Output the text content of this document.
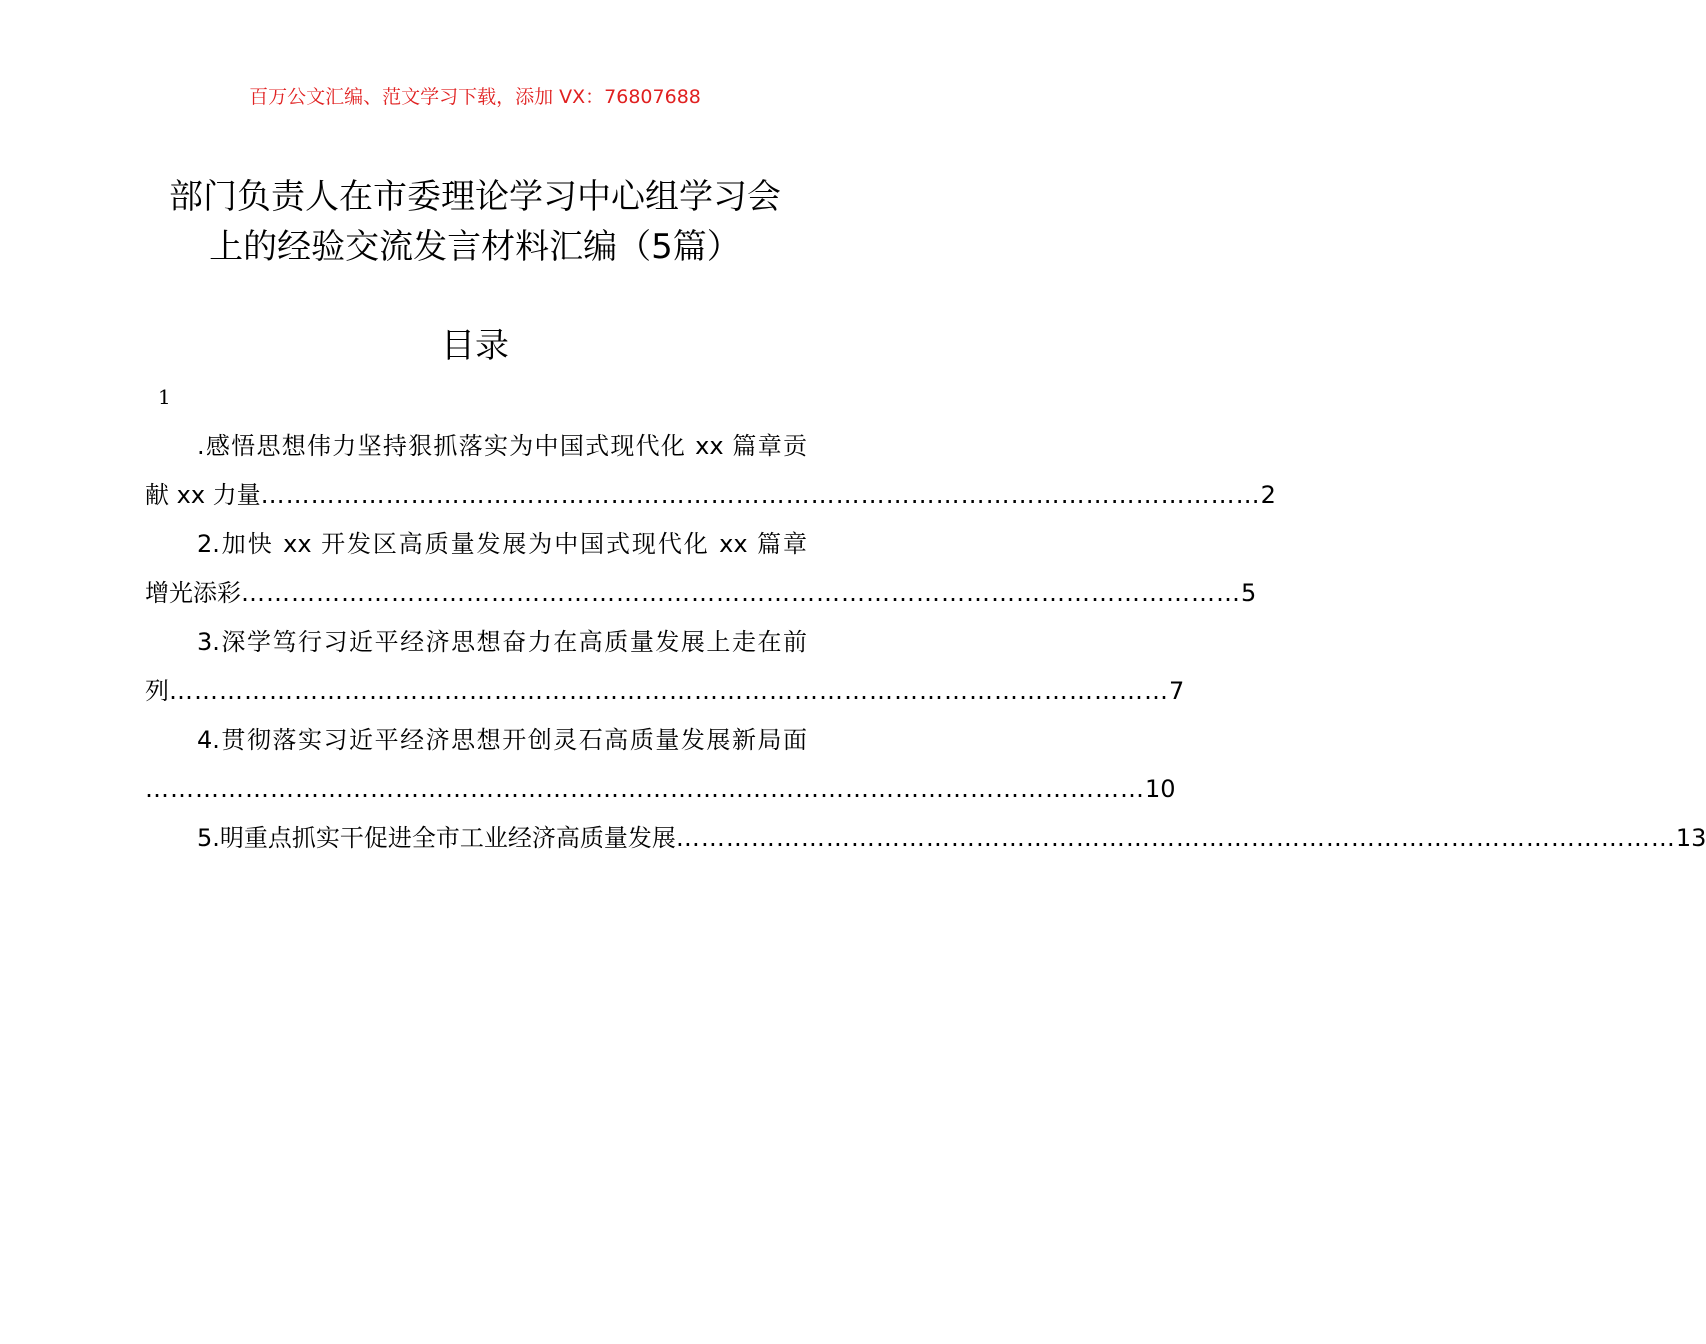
百万公文汇编、范文学习下载，添加 VX：76807688
部门负责人在市委理论学习中心组学习会
上的经验交流发言材料汇编（5篇）
目录
1
.感悟思想伟力坚持狠抓落实为中国式现代化 xx 篇章贡
献 xx 力量 ………………………………………………………………………………………………………… 2
2.加快 xx 开发区高质量发展为中国式现代化 xx 篇章
增光添彩 ………………………………………………………………………………………………………… 5
3.深学笃行习近平经济思想奋力在高质量发展上走在前
列 ………………………………………………………………………………………………………… 7
4.贯彻落实习近平经济思想开创灵石高质量发展新局面
………………………………………………………………………………………………………… 10
5.明重点抓实干促进全市工业经济高质量发展 ………………………………………………………………………………………………………… 13
